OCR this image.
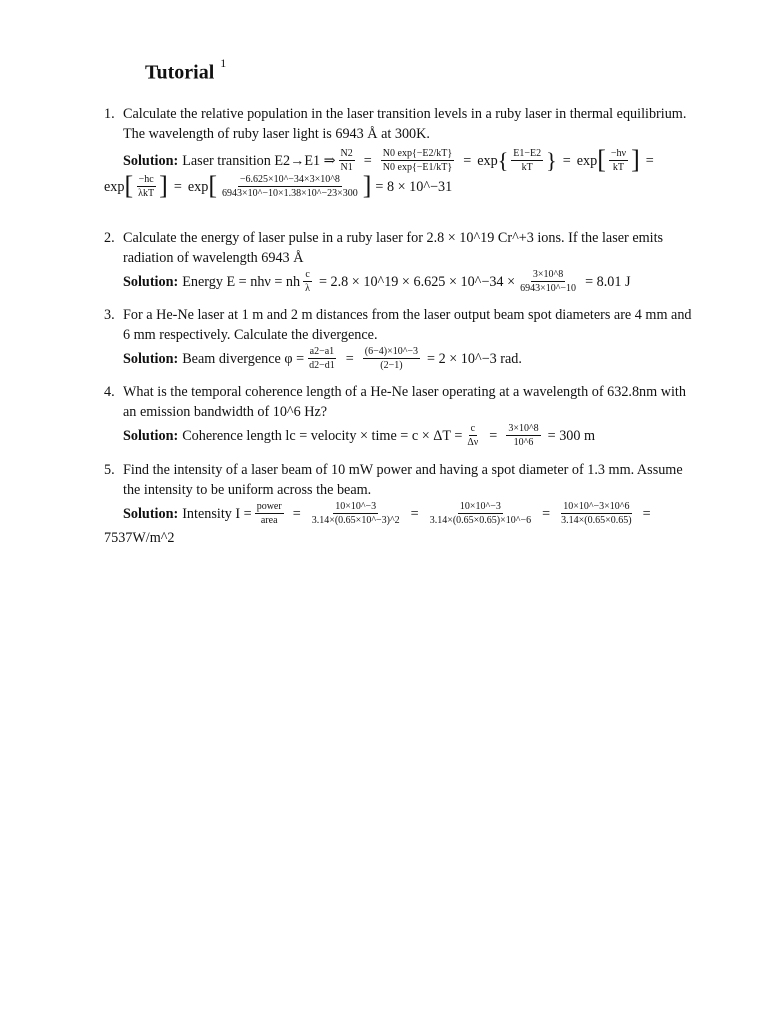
Tutorial $^1$
1. Calculate the relative population in the laser transition levels in a ruby laser in thermal equilibrium.
The wavelength of ruby laser light is 6943 Å at 300K.
Solution: Laser transition E2→E1 ⇒ $\frac{N2}{N1} = \frac{N0 \exp\{-E2/kT\}}{N0 \exp\{-E1/kT\}} = \exp$ { $\frac{E1-E2}{kT}$ } = exp [ $\frac{-h\nu}{kT}$ ] =
exp [ $\frac{-hc}{\text{λkT}}$ ] = exp [ $\frac{-6.625\times 10\^{}-34\times 3\times 10\^{}8}{6943\times 10\^{}-10\times 1.38\times 10\^{}-23\times 300}$ ] = 8 × 10^−31
2. Calculate the energy of laser pulse in a ruby laser for 2.8 × 10^19 Cr^+3 ions. If the laser emits
radiation of wavelength 6943 Å
Solution: Energy E = nhν = nh $\frac{c}{\lambda} = 2.8$ × 10^19 × 6.625 × 10^−34 × $\frac{3\times 10\^{}8}{6943\times 10\^{}-10} = 8.01$ J
3. For a He-Ne laser at 1 m and 2 m distances from the laser output beam spot diameters are 4 mm and
6 mm respectively. Calculate the divergence.
Solution: Beam divergence $\varphi = \frac{a2-a1}{d2-d1} = \frac{(6-4)\times 10\^{}-3}{(2-1)} = 2$ × 10^−3 rad.
4. What is the temporal coherence length of a He-Ne laser operating at a wavelength of 632.8nm with
an emission bandwidth of 10^6 Hz?
Solution: Coherence length lc = velocity × time = $c \times \Delta T = \frac{c}{\Delta\nu} = \frac{3\times 10\^{}8}{10\^{}6} = 300$ m
5. Find the intensity of a laser beam of 10 mW power and having a spot diameter of 1.3 mm. Assume
the intensity to be uniform across the beam.
Solution: Intensity $I = \frac{\text{power}}{\text{area}} = \frac{10\times 10\^{}-3}{3.14\times(0.65\times 10\^{}-3)\^{}2} = \frac{10\times 10\^{}-3}{3.14\times(0.65\times 0.65)\times 10\^{}-6} = \frac{10\times 10\^{}-3\times 10\^{}6}{3.14\times(0.65\times 0.65)}$ =
7537W/m^2
